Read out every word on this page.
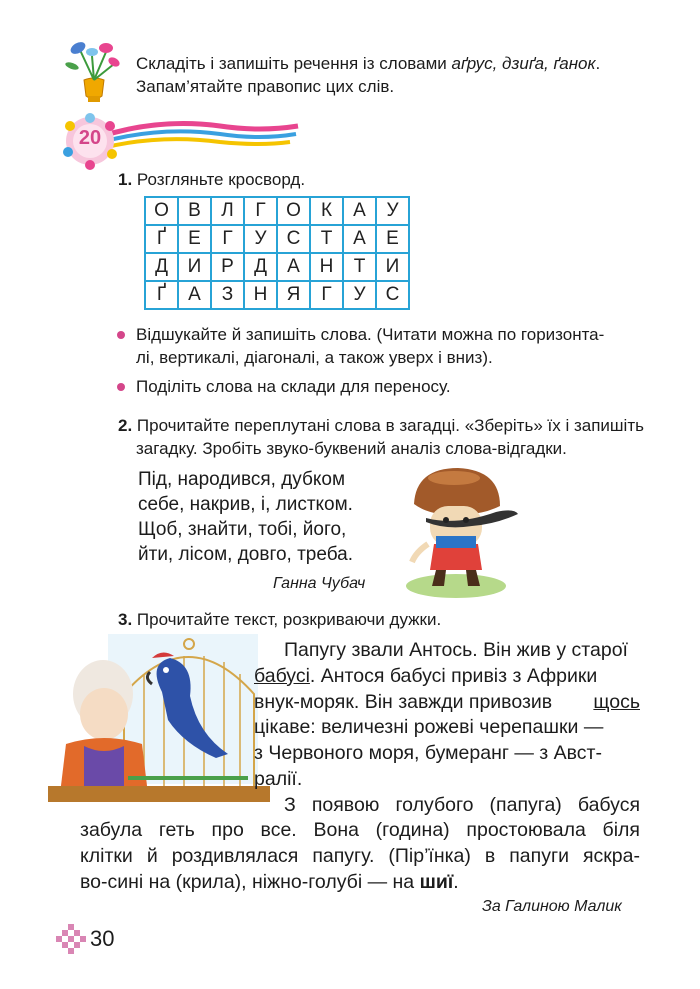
Складіть і запишіть речення із словами аґрус, дзиґа, ґанок.
Запам’ятайте правопис цих слів.
20
1. Розгляньте кросворд.
О	В	Л	Г	О	К	А	У
Ґ	Е	Г	У	С	Т	А	Е
Д	И	Р	Д	А	Н	Т	И
Ґ	А	З	Н	Я	Г	У	С
Відшукайте й запишіть слова. (Читати можна по горизонта-
лі, вертикалі, діагоналі, а також уверх і вниз).
Поділіть слова на склади для переносу.
2. Прочитайте переплутані слова в загадці. «Зберіть» їх і запишіть
загадку. Зробіть звуко-буквений аналіз слова-відгадки.
Під, народився, дубком
себе, накрив, і, листком.
Щоб, знайти, тобі, його,
йти, лісом, довго, треба.
Ганна Чубач
3. Прочитайте текст, розкриваючи дужки.
Папугу звали Антось. Він жив у старої
бабусі. Антося бабусі привіз з Африки
внук-моряк. Він завжди привозив щось
цікаве: величезні рожеві черепашки —
з Червоного моря, бумеранг — з Авст-
ралії.
З появою голубого (папуга) бабуся
забула геть про все. Вона (година) простоювала біля
клітки й роздивлялася папугу. (Пір’їнка) в папуги яскра-
во-сині на (крила), ніжно-голубі — на шиї.
За Галиною Малик
30
